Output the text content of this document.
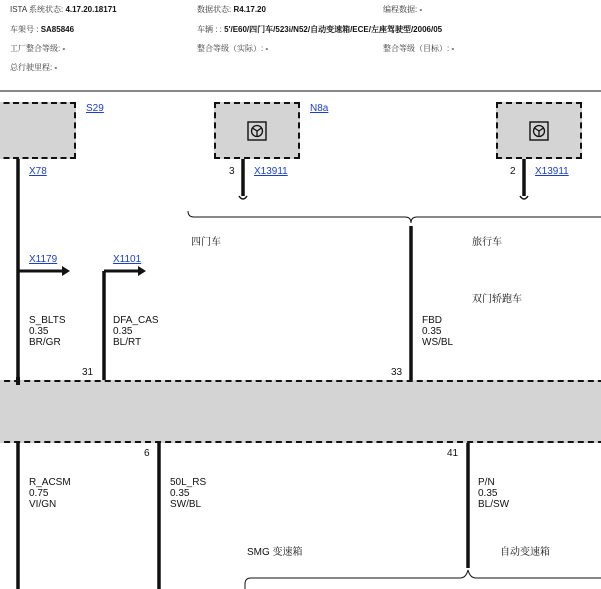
ISTA 系统状态: 4.17.20.18171	数据状态: R4.17.20	编程数据: -
车架号 : SA85846	车辆 : : 5'/E60/四门车/523i/N52/自动变速箱/ECE/左座驾驶型/2006/05
工厂整合等级: -	整合等级（实际）: -	整合等级（目标）: -
总行驶里程: -
S29	N8a
X78	3 X13911	2 X13911
四门车	旅行车
双门轿跑车
SMG 变速箱	自动变速箱
X1179	X1101
S_BLTS
0.35
BR/GR
DFA_CAS
0.35
BL/RT
FBD
0.35
WS/BL
31	33
6	41
R_ACSM
0.75
VI/GN
50L_RS
0.35
SW/BL
P/N
0.35
BL/SW
